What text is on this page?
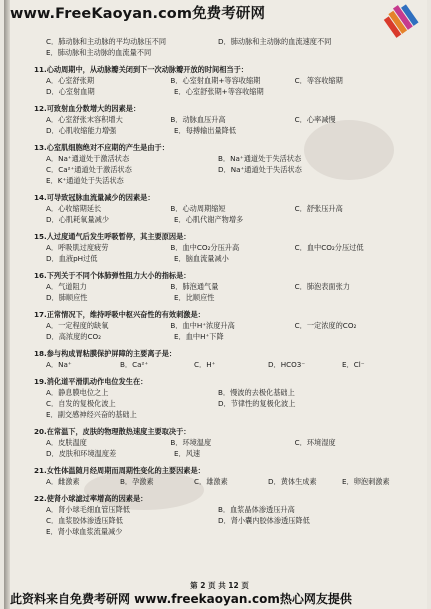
www.FreeKaoyan.com免费考研网
C．肺动脉和主动脉的平均动脉压不同	D．肺动脉和主动脉的血流速度不同
E．肺动脉和主动脉的血流量不同
11.心动周期中，从动脉瓣关闭到下一次动脉瓣开放的时间相当于：
A．心室舒张期	B．心室射血期+等容收缩期	C．等容收缩期
D．心室射血期	E．心室舒张期+等容收缩期
12.可致射血分数增大的因素是：
A．心室舒张末容积增大	B．动脉血压升高	C．心率减慢
D．心肌收缩能力增强	E．每搏输出量降低
13.心室肌细胞绝对不应期的产生是由于：
A．Na⁺通道处于激活状态	B．Na⁺通道处于失活状态
C．Ca²⁺通道处于激活状态	D．Na⁺通道处于失活状态
E．K⁺通道处于失活状态
14.可导致冠脉血流量减少的因素是：
A．心收缩期延长	B．心动周期缩短	C．舒张压升高
D．心肌耗氧量减少	E．心肌代谢产物增多
15.人过度通气后发生呼吸暂停，其主要原因是：
A．呼吸肌过度疲劳	B．血中CO₂分压升高	C．血中CO₂分压过低
D．血液pH过低	E．脑血流量减小
16.下列关于不同个体肺弹性阻力大小的指标是：
A．气道阻力	B．肺泡通气量	C．肺泡表面张力
D．肺顺应性	E．比顺应性
17.正常情况下，维持呼吸中枢兴奋性的有效刺激是：
A．一定程度的缺氧	B．血中H⁺浓度升高	C．一定浓度的CO₂
D．高浓度的CO₂	E．血中H⁺下降
18.参与构成胃粘膜保护屏障的主要离子是：
A．Na⁺	B．Ca²⁺	C．H⁺	D．HCO3⁻	E．Cl⁻
19.消化道平滑肌动作电位发生在：
A．静息膜电位之上	B．慢波的去极化基础上
C．自发的复极化波上	D．节律性的复极化波上
E．副交感神经兴奋的基础上
20.在常温下，皮肤的物理散热速度主要取决于：
A．皮肤温度	B．环境温度	C．环境湿度
D．皮肤和环境温度差	E．风速
21.女性体温随月经周期而周期性变化的主要因素是：
A．雌激素	B．孕激素	C．雄激素	D．黄体生成素	E．卵泡刺激素
22.使肾小球滤过率增高的因素是：
A．肾小球毛细血管压降低	B．血浆晶体渗透压升高
C．血浆胶体渗透压降低	D．肾小囊内胶体渗透压降低
E．肾小球血浆流量减少
第 2 页 共 12 页
此资料来自免费考研网 www.freekaoyan.com热心网友提供
